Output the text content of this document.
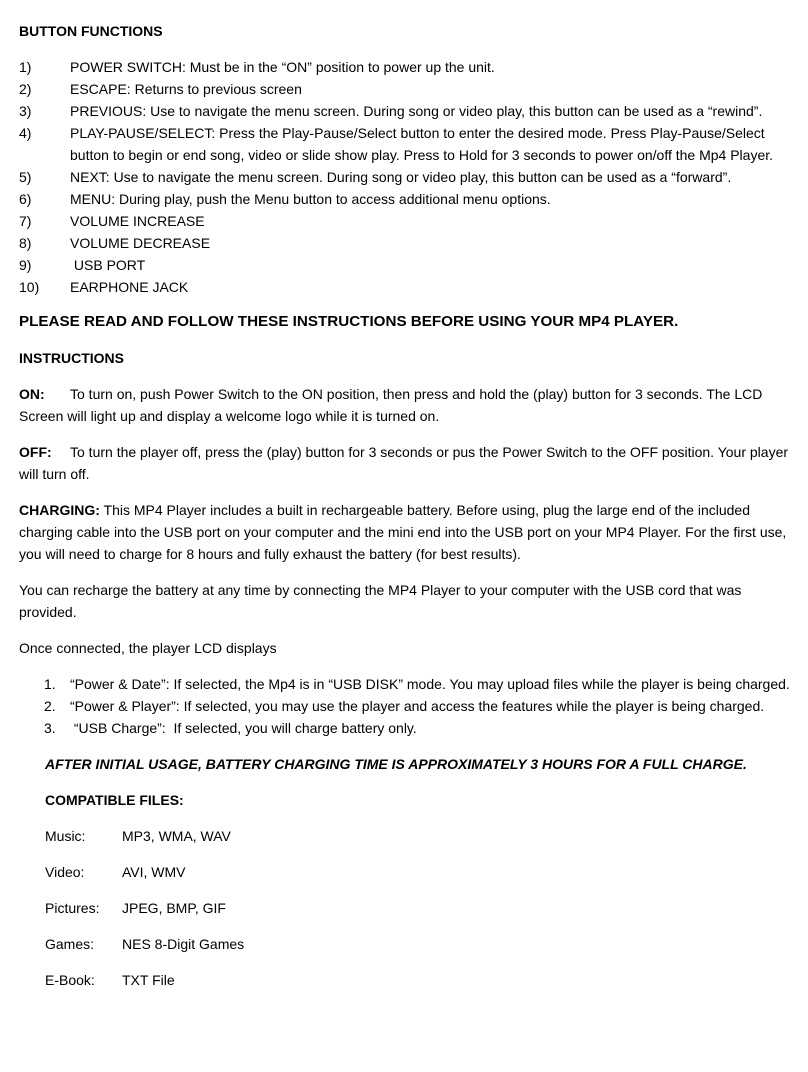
BUTTON FUNCTIONS
1)	POWER SWITCH: Must be in the “ON” position to power up the unit.
2)	ESCAPE: Returns to previous screen
3)	PREVIOUS: Use to navigate the menu screen. During song or video play, this button can be used as a “rewind”.
4)	PLAY-PAUSE/SELECT: Press the Play-Pause/Select button to enter the desired mode. Press Play-Pause/Select button to begin or end song, video or slide show play. Press to Hold for 3 seconds to power on/off the Mp4 Player.
5)	NEXT: Use to navigate the menu screen. During song or video play, this button can be used as a “forward”.
6)	MENU: During play, push the Menu button to access additional menu options.
7)	VOLUME INCREASE
8)	VOLUME DECREASE
9)	USB PORT
10)	EARPHONE JACK
PLEASE READ AND FOLLOW THESE INSTRUCTIONS BEFORE USING YOUR MP4 PLAYER.
INSTRUCTIONS

ON: To turn on, push Power Switch to the ON position, then press and hold the (play) button for 3 seconds. The LCD Screen will light up and display a welcome logo while it is turned on.

OFF: To turn the player off, press the (play) button for 3 seconds or pus the Power Switch to the OFF position. Your player will turn off.

CHARGING: This MP4 Player includes a built in rechargeable battery. Before using, plug the large end of the included charging cable into the USB port on your computer and the mini end into the USB port on your MP4 Player. For the first use, you will need to charge for 8 hours and fully exhaust the battery (for best results).

You can recharge the battery at any time by connecting the MP4 Player to your computer with the USB cord that was provided.

Once connected, the player LCD displays

1.	“Power & Date”: If selected, the Mp4 is in “USB DISK” mode. You may upload files while the player is being charged.
2.	“Power & Player”: If selected, you may use the player and access the features while the player is being charged.
3.	“USB Charge”:  If selected, you will charge battery only.
AFTER INITIAL USAGE, BATTERY CHARGING TIME IS APPROXIMATELY 3 HOURS FOR A FULL CHARGE.
COMPATIBLE FILES:
Music:	MP3, WMA, WAV
Video:	AVI, WMV
Pictures:	JPEG, BMP, GIF
Games:	NES 8-Digit Games
E-Book:	TXT File
